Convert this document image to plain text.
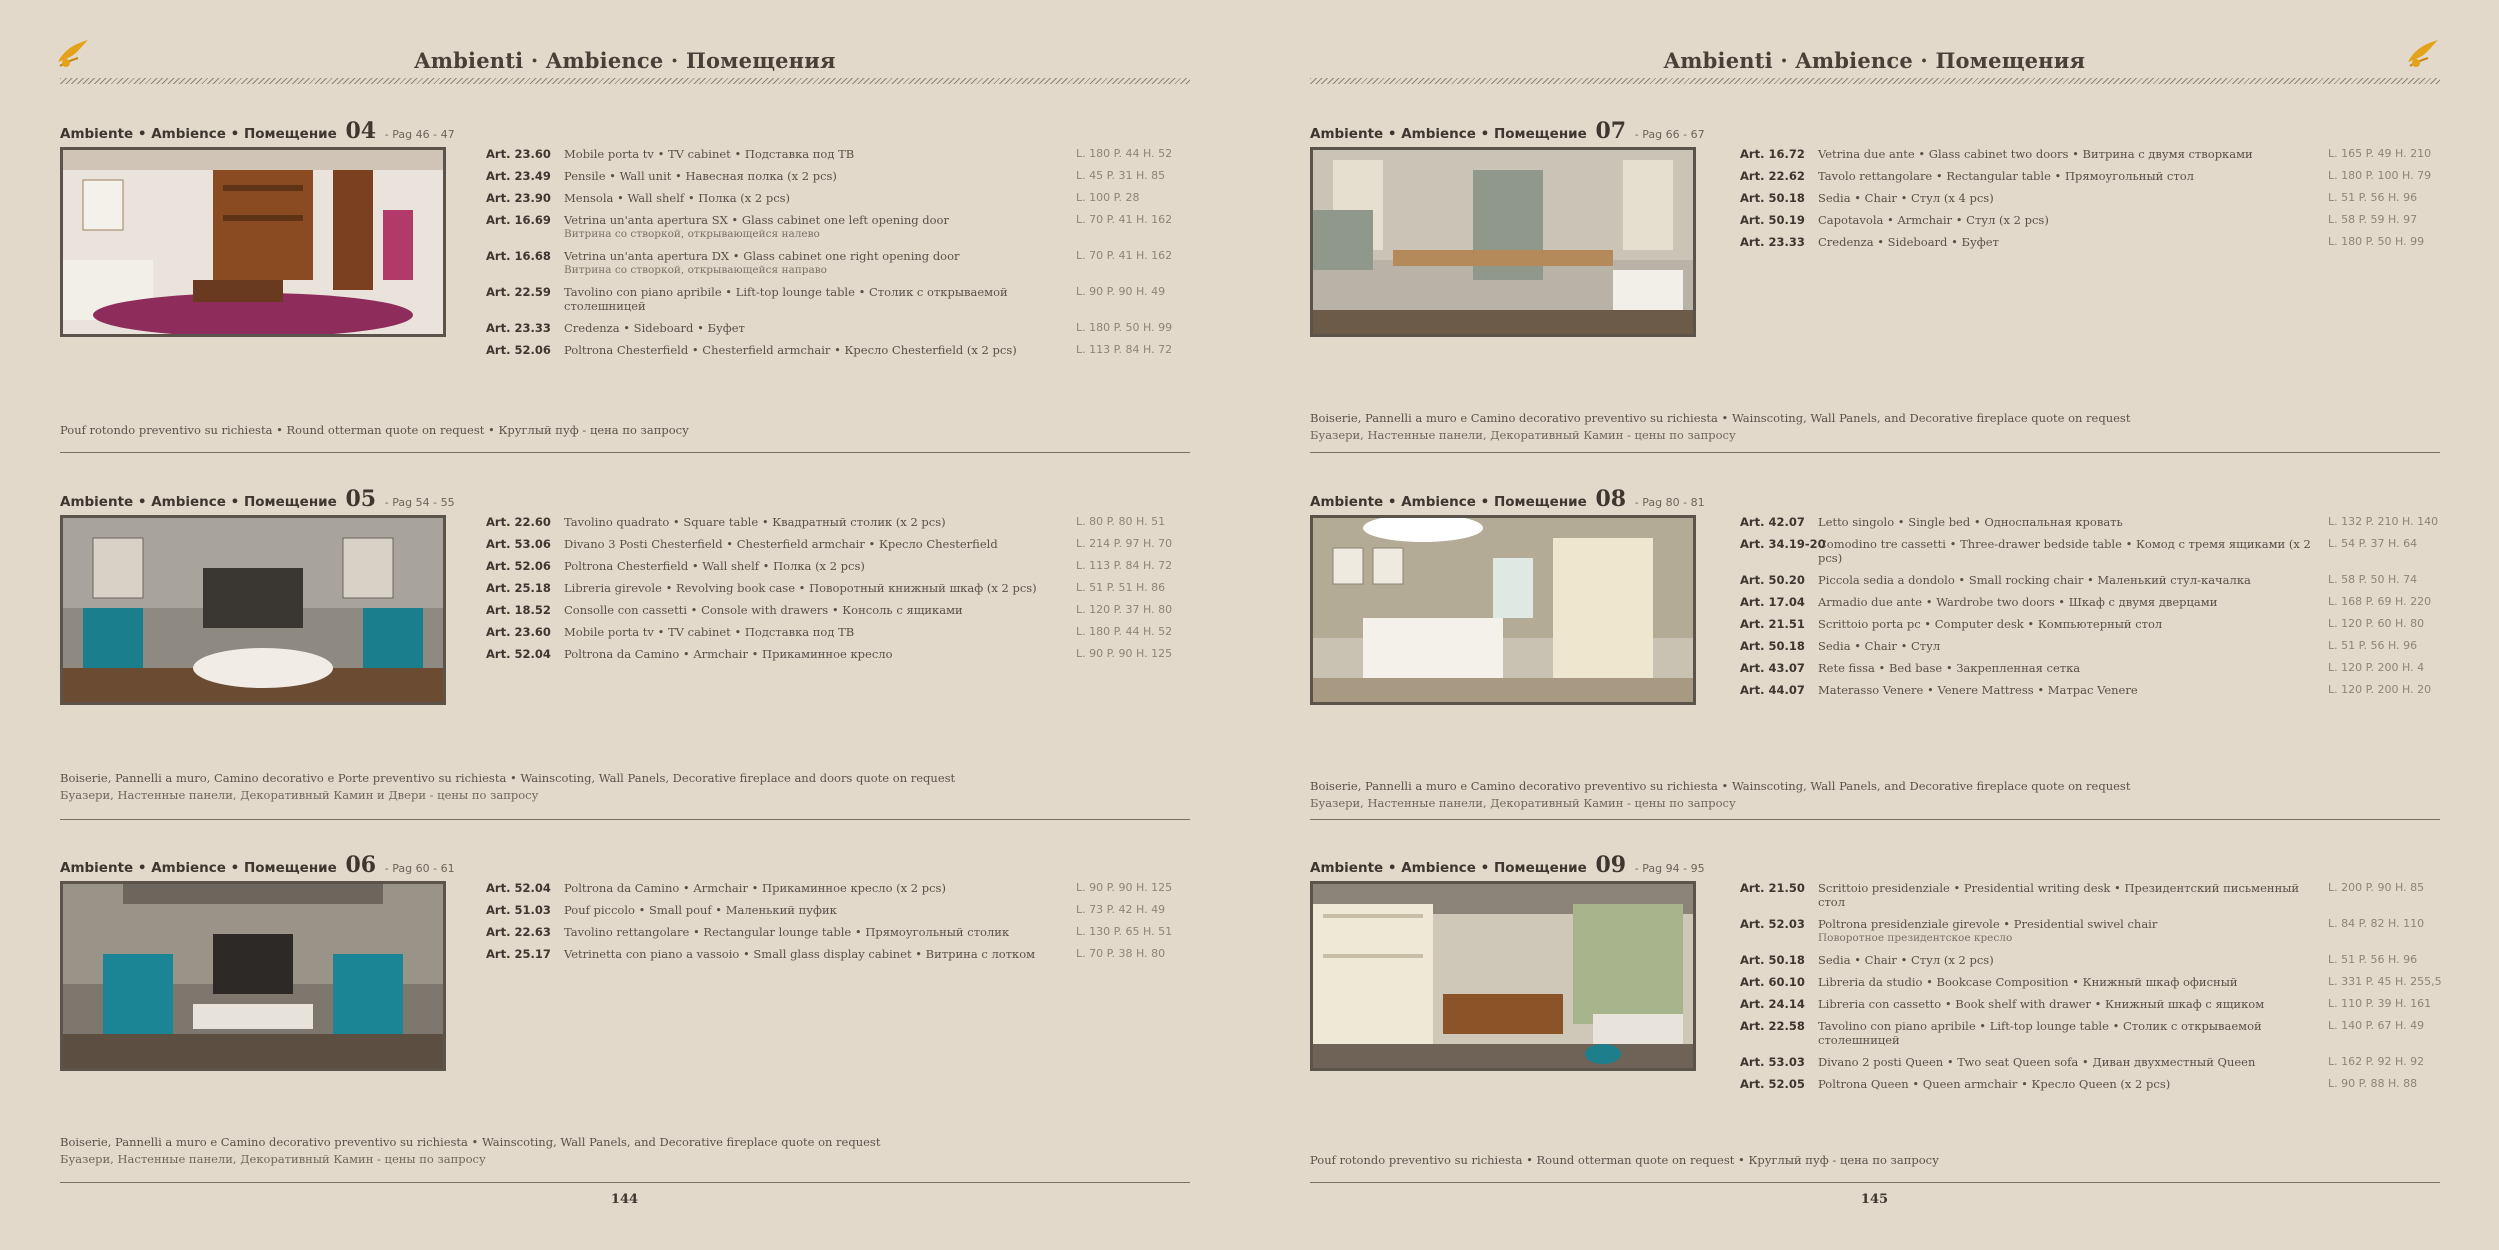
Ambienti · Ambience · Помещения
Ambiente • Ambience • Помещение 04 - Pag 46 - 47
Art. 23.60	Mobile porta tv • TV cabinet • Подставка под ТВ	L. 180 P. 44 H. 52
Art. 23.49	Pensile • Wall unit • Навесная полка (x 2 pcs)	L. 45 P. 31 H. 85
Art. 23.90	Mensola • Wall shelf • Полка (x 2 pcs)	L. 100 P. 28
Art. 16.69	Vetrina un'anta apertura SX • Glass cabinet one left opening door
Витрина со створкой, открывающейся налево
L. 70 P. 41 H. 162
Art. 16.68	Vetrina un'anta apertura DX • Glass cabinet one right opening door
Витрина со створкой, открывающейся направо
L. 70 P. 41 H. 162
Art. 22.59	Tavolino con piano apribile • Lift-top lounge table • Столик с открываемой столешницей
L. 90 P. 90 H. 49
Art. 23.33	Credenza • Sideboard • Буфет	L. 180 P. 50 H. 99
Art. 52.06	Poltrona Chesterfield • Chesterfield armchair • Кресло Chesterfield (x 2 pcs)	L. 113 P. 84 H. 72
Pouf rotondo preventivo su richiesta • Round otterman quote on request • Круглый пуф - цена по запросу
Ambiente • Ambience • Помещение 05 - Pag 54 - 55
Art. 22.60	Tavolino quadrato • Square table • Квадратный столик (x 2 pcs)	L. 80 P. 80 H. 51
Art. 53.06	Divano 3 Posti Chesterfield • Chesterfield armchair • Кресло Chesterfield	L. 214 P. 97 H. 70
Art. 52.06	Poltrona Chesterfield • Wall shelf • Полка (x 2 pcs)	L. 113 P. 84 H. 72
Art. 25.18	Libreria girevole • Revolving book case • Поворотный книжный шкаф (x 2 pcs)	L. 51 P. 51 H. 86
Art. 18.52	Consolle con cassetti • Console with drawers • Консоль с ящиками	L. 120 P. 37 H. 80
Art. 23.60	Mobile porta tv • TV cabinet • Подставка под ТВ	L. 180 P. 44 H. 52
Art. 52.04	Poltrona da Camino • Armchair • Прикаминное кресло	L. 90 P. 90 H. 125
Boiserie, Pannelli a muro, Camino decorativo e Porte preventivo su richiesta • Wainscoting, Wall Panels, Decorative fireplace and doors quote on request
Буазери, Настенные панели, Декоративный Камин и Двери - цены по запросу
Ambiente • Ambience • Помещение 06 - Pag 60 - 61
Art. 52.04	Poltrona da Camino • Armchair • Прикаминное кресло (x 2 pcs)	L. 90 P. 90 H. 125
Art. 51.03	Pouf piccolo • Small pouf • Маленький пуфик	L. 73 P. 42 H. 49
Art. 22.63	Tavolino rettangolare • Rectangular lounge table • Прямоугольный столик	L. 130 P. 65 H. 51
Art. 25.17	Vetrinetta con piano a vassoio • Small glass display cabinet • Витрина с лотком	L. 70 P. 38 H. 80
Boiserie, Pannelli a muro e Camino decorativo preventivo su richiesta • Wainscoting, Wall Panels, and Decorative fireplace quote on request
Буазери, Настенные панели, Декоративный Камин - цены по запросу
144
Ambienti · Ambience · Помещения
Ambiente • Ambience • Помещение 07 - Pag 66 - 67
Art. 16.72	Vetrina due ante • Glass cabinet two doors • Витрина с двумя створками	L. 165 P. 49 H. 210
Art. 22.62	Tavolo rettangolare • Rectangular table • Прямоугольный стол	L. 180 P. 100 H. 79
Art. 50.18	Sedia • Chair • Стул (x 4 pcs)	L. 51 P. 56 H. 96
Art. 50.19	Capotavola • Armchair • Стул (x 2 pcs)	L. 58 P. 59 H. 97
Art. 23.33	Credenza • Sideboard • Буфет	L. 180 P. 50 H. 99
Boiserie, Pannelli a muro e Camino decorativo preventivo su richiesta • Wainscoting, Wall Panels, and Decorative fireplace quote on request
Буазери, Настенные панели, Декоративный Камин - цены по запросу
Ambiente • Ambience • Помещение 08 - Pag 80 - 81
Art. 42.07	Letto singolo • Single bed • Односпальная кровать	L. 132 P. 210 H. 140
Art. 34.19-20
Comodino tre cassetti • Three-drawer bedside table • Комод с тремя ящиками (x 2 pcs)
L. 54 P. 37 H. 64
Art. 50.20	Piccola sedia a dondolo • Small rocking chair • Маленький стул-качалка	L. 58 P. 50 H. 74
Art. 17.04	Armadio due ante • Wardrobe two doors • Шкаф с двумя дверцами	L. 168 P. 69 H. 220
Art. 21.51	Scrittoio porta pc • Computer desk • Компьютерный стол	L. 120 P. 60 H. 80
Art. 50.18	Sedia • Chair • Стул	L. 51 P. 56 H. 96
Art. 43.07	Rete fissa • Bed base • Закрепленная сетка	L. 120 P. 200 H. 4
Art. 44.07	Materasso Venere • Venere Mattress • Матрас Venere	L. 120 P. 200 H. 20
Boiserie, Pannelli a muro e Camino decorativo preventivo su richiesta • Wainscoting, Wall Panels, and Decorative fireplace quote on request
Буазери, Настенные панели, Декоративный Камин - цены по запросу
Ambiente • Ambience • Помещение 09 - Pag 94 - 95
Art. 21.50	Scrittoio presidenziale • Presidential writing desk • Президентский письменный стол
L. 200 P. 90 H. 85
Art. 52.03	Poltrona presidenziale girevole • Presidential swivel chair
Поворотное президентское кресло
L. 84 P. 82 H. 110
Art. 50.18	Sedia • Chair • Стул (x 2 pcs)	L. 51 P. 56 H. 96
Art. 60.10	Libreria da studio • Bookcase Composition • Книжный шкаф офисный	L. 331 P. 45 H. 255,5
Art. 24.14	Libreria con cassetto • Book shelf with drawer • Книжный шкаф с ящиком	L. 110 P. 39 H. 161
Art. 22.58	Tavolino con piano apribile • Lift-top lounge table • Столик с открываемой столешницей
L. 140 P. 67 H. 49
Art. 53.03	Divano 2 posti Queen • Two seat Queen sofa • Диван двухместный Queen	L. 162 P. 92 H. 92
Art. 52.05	Poltrona Queen • Queen armchair • Кресло Queen (x 2 pcs)	L. 90 P. 88 H. 88
Pouf rotondo preventivo su richiesta • Round otterman quote on request • Круглый пуф - цена по запросу
145
